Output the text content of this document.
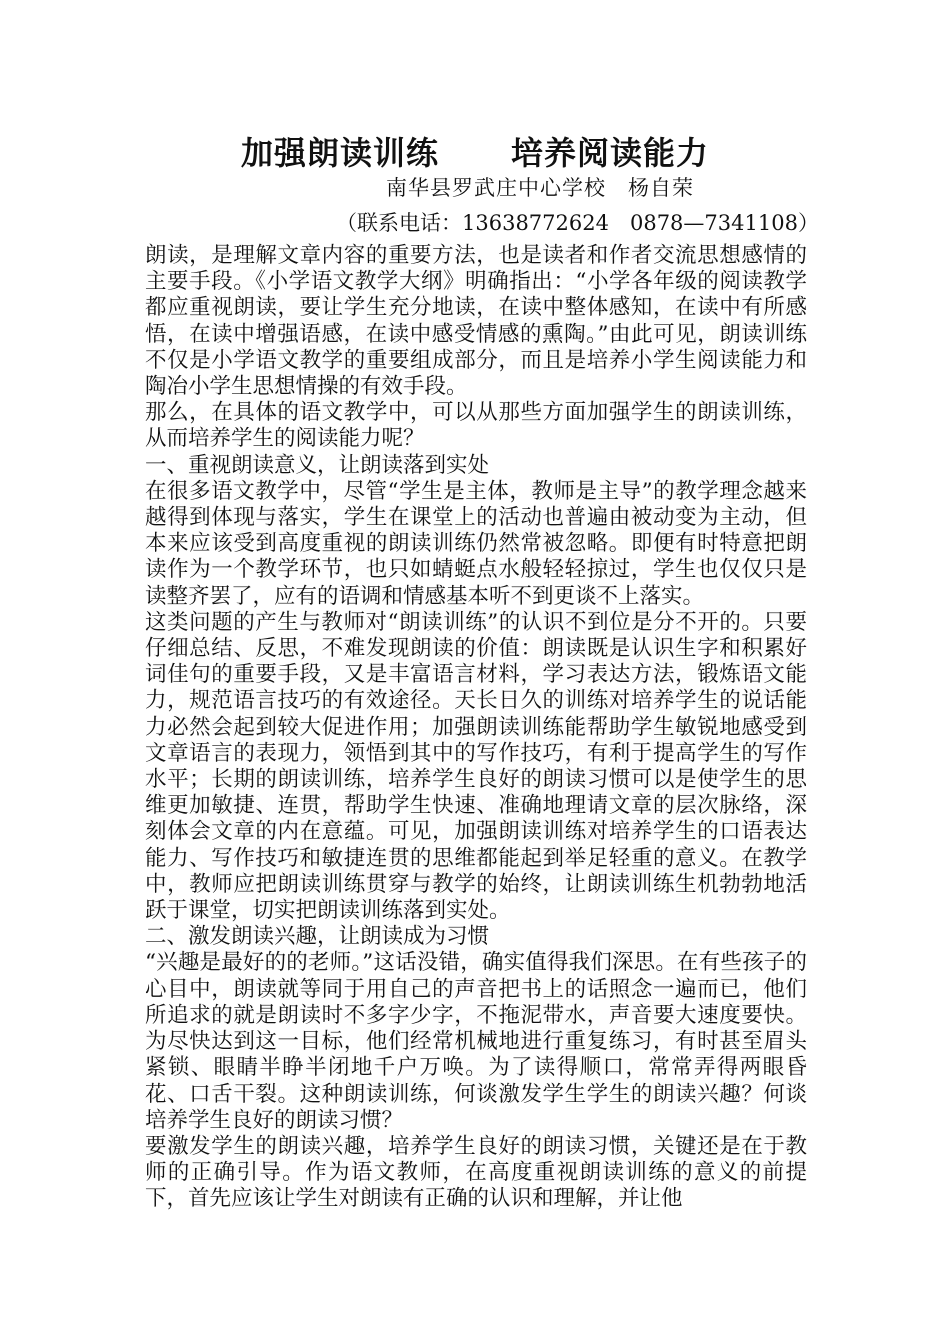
加强朗读训练 培养阅读能力
南华县罗武庄中心学校 杨自荣
（联系电话：13638772624　0878—7341108）

朗读，是理解文章内容的重要方法，也是读者和作者交流思想感情的主要手段。《小学语文教学大纲》明确指出：“小学各年级的阅读教学都应重视朗读，要让学生充分地读，在读中整体感知，在读中有所感悟，在读中增强语感，在读中感受情感的熏陶。”由此可见，朗读训练不仅是小学语文教学的重要组成部分，而且是培养小学生阅读能力和陶冶小学生思想情操的有效手段。

那么，在具体的语文教学中，可以从那些方面加强学生的朗读训练，从而培养学生的阅读能力呢？

一、重视朗读意义，让朗读落到实处

在很多语文教学中，尽管“学生是主体，教师是主导”的教学理念越来越得到体现与落实，学生在课堂上的活动也普遍由被动变为主动，但本来应该受到高度重视的朗读训练仍然常被忽略。即便有时特意把朗读作为一个教学环节，也只如蜻蜓点水般轻轻掠过，学生也仅仅只是读整齐罢了，应有的语调和情感基本听不到更谈不上落实。

这类问题的产生与教师对“朗读训练”的认识不到位是分不开的。只要仔细总结、反思，不难发现朗读的价值：朗读既是认识生字和积累好词佳句的重要手段，又是丰富语言材料，学习表达方法，锻炼语文能力，规范语言技巧的有效途径。天长日久的训练对培养学生的说话能力必然会起到较大促进作用；加强朗读训练能帮助学生敏锐地感受到文章语言的表现力，领悟到其中的写作技巧，有利于提高学生的写作水平；长期的朗读训练，培养学生良好的朗读习惯可以是使学生的思维更加敏捷、连贯，帮助学生快速、准确地理请文章的层次脉络，深刻体会文章的内在意蕴。可见，加强朗读训练对培养学生的口语表达能力、写作技巧和敏捷连贯的思维都能起到举足轻重的意义。在教学中，教师应把朗读训练贯穿与教学的始终，让朗读训练生机勃勃地活跃于课堂，切实把朗读训练落到实处。

二、激发朗读兴趣，让朗读成为习惯

“兴趣是最好的的老师。”这话没错，确实值得我们深思。在有些孩子的心目中，朗读就等同于用自己的声音把书上的话照念一遍而已，他们所追求的就是朗读时不多字少字，不拖泥带水，声音要大速度要快。为尽快达到这一目标，他们经常机械地进行重复练习，有时甚至眉头紧锁、眼睛半睁半闭地千户万唤。为了读得顺口，常常弄得两眼昏花、口舌干裂。这种朗读训练，何谈激发学生学生的朗读兴趣？何谈培养学生良好的朗读习惯？

要激发学生的朗读兴趣，培养学生良好的朗读习惯，关键还是在于教师的正确引导。作为语文教师，在高度重视朗读训练的意义的前提下，首先应该让学生对朗读有正确的认识和理解，并让他
